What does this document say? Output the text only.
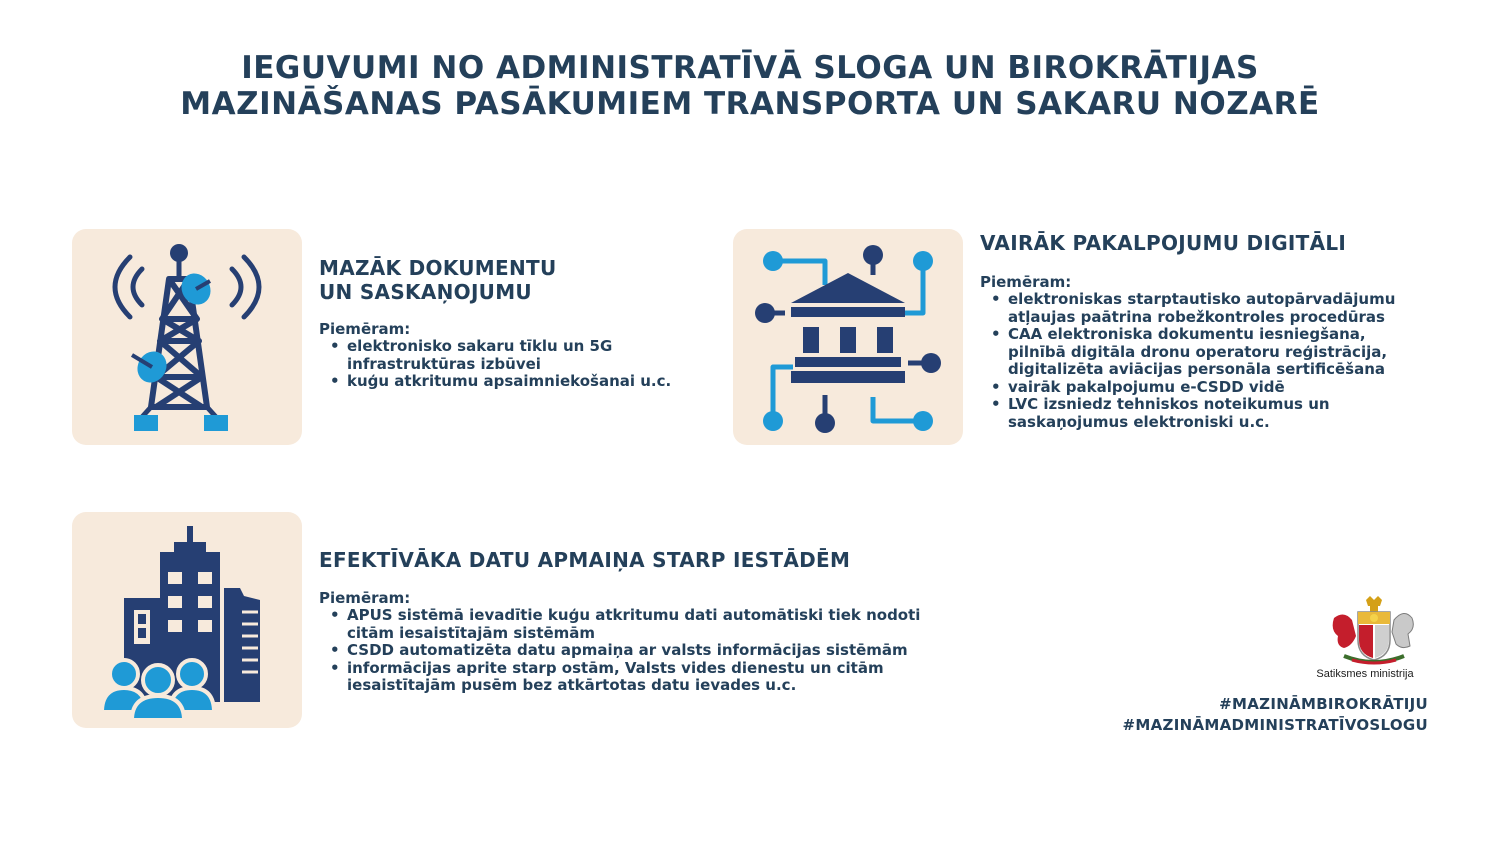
IEGUVUMI NO ADMINISTRATĪVĀ SLOGA UN BIROKRĀTIJAS
MAZINĀŠANAS PASĀKUMIEM TRANSPORTA UN SAKARU NOZARĒ
MAZĀK DOKUMENTU
UN SASKAŅOJUMU
Piemēram:
• elektronisko sakaru tīklu un 5G
infrastruktūras izbūvei
• kuģu atkritumu apsaimniekošanai u.c.
VAIRĀK PAKALPOJUMU DIGITĀLI
Piemēram:
• elektroniskas starptautisko autopārvadājumu
atļaujas paātrina robežkontroles procedūras
• CAA elektroniska dokumentu iesniegšana,
pilnībā digitāla dronu operatoru reģistrācija,
digitalizēta aviācijas personāla sertificēšana
• vairāk pakalpojumu e-CSDD vidē
• LVC izsniedz tehniskos noteikumus un
saskaņojumus elektroniski u.c.
EFEKTĪVĀKA DATU APMAIŅA STARP IESTĀDĒM
Piemēram:
• APUS sistēmā ievadītie kuģu atkritumu dati automātiski tiek nodoti
citām iesaistītajām sistēmām
• CSDD automatizēta datu apmaiņa ar valsts informācijas sistēmām
• informācijas aprite starp ostām, Valsts vides dienestu un citām
iesaistītajām pusēm bez atkārtotas datu ievades u.c.
Satiksmes ministrija
#MAZINĀMBIROKRĀTIJU
#MAZINĀMADMINISTRATĪVOSLOGU
